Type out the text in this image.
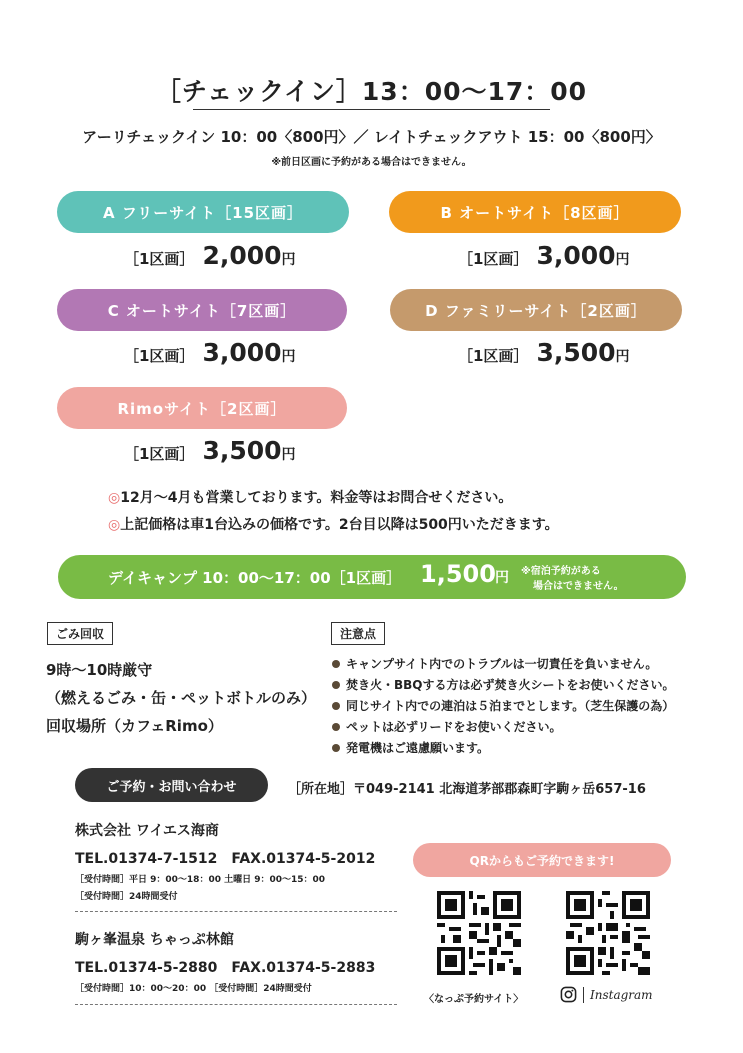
［チェックイン］13：00〜17：00
アーリチェックイン 10：00〈800円〉／ レイトチェックアウト 15：00〈800円〉
※前日区画に予約がある場合はできません。
A フリーサイト［15区画］
［1区画］ 2,000 円
B オートサイト［8区画］
［1区画］ 3,000 円
C オートサイト［7区画］
［1区画］ 3,000 円
D ファミリーサイト［2区画］
［1区画］ 3,500 円
Rimoサイト［2区画］
［1区画］ 3,500 円
◎12月〜4月も営業しております。料金等はお問合せください。
◎上記価格は車1台込みの価格です。2台目以降は500円いただきます。
デイキャンプ 10：00〜17：00［1区画］ 1,500 円 ※宿泊予約がある
場合はできません。
ごみ回収
9時〜10時厳守
（燃えるごみ・缶・ペットボトルのみ）
回収場所（カフェRimo）
注意点
キャンプサイト内でのトラブルは一切責任を負いません。
焚き火・BBQする方は必ず焚き火シートをお使いください。
同じサイト内での連泊は５泊までとします。（芝生保護の為）
ペットは必ずリードをお使いください。
発電機はご遠慮願います。
ご予約・お問い合わせ	［所在地］〒049-2141 北海道茅部郡森町字駒ヶ岳657-16
株式会社 ワイエス海商
TEL.01374-7-1512　FAX.01374-5-2012
［受付時間］平日 9：00〜18：00 土曜日 9：00〜15：00
［受付時間］24時間受付
駒ヶ峯温泉 ちゃっぷ林館
TEL.01374-5-2880　FAX.01374-5-2883
［受付時間］10：00〜20：00 ［受付時間］24時間受付
QRからもご予約できます!
〈なっぷ予約サイト〉	Instagram
